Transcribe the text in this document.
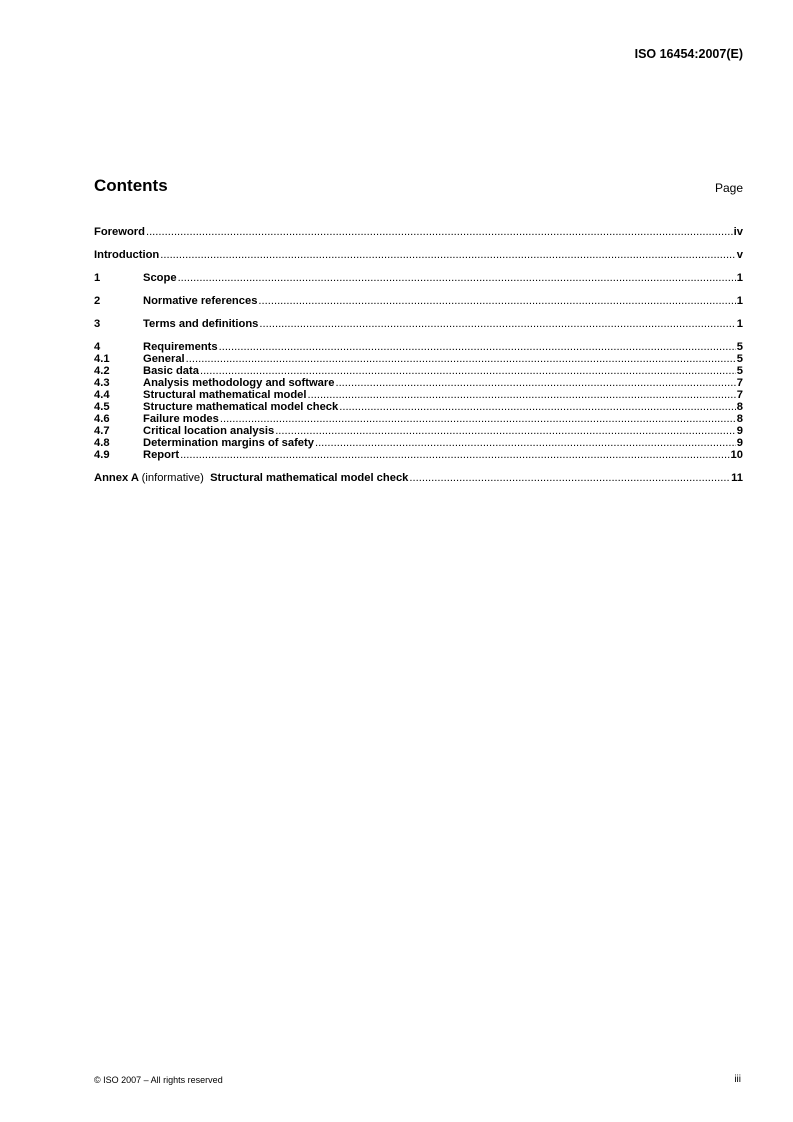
ISO 16454:2007(E)
Contents	Page
Foreword .....	iv
Introduction .....	v
1	Scope .....	1
2	Normative references .....	1
3	Terms and definitions .....	1
4	Requirements .....	5
4.1	General .....	5
4.2	Basic data .....	5
4.3	Analysis methodology and software .....	7
4.4	Structural mathematical model .....	7
4.5	Structure mathematical model check .....	8
4.6	Failure modes .....	8
4.7	Critical location analysis .....	9
4.8	Determination margins of safety .....	9
4.9	Report .....	10
Annex A (informative) Structural mathematical model check .....	11
© ISO 2007 – All rights reserved	iii
